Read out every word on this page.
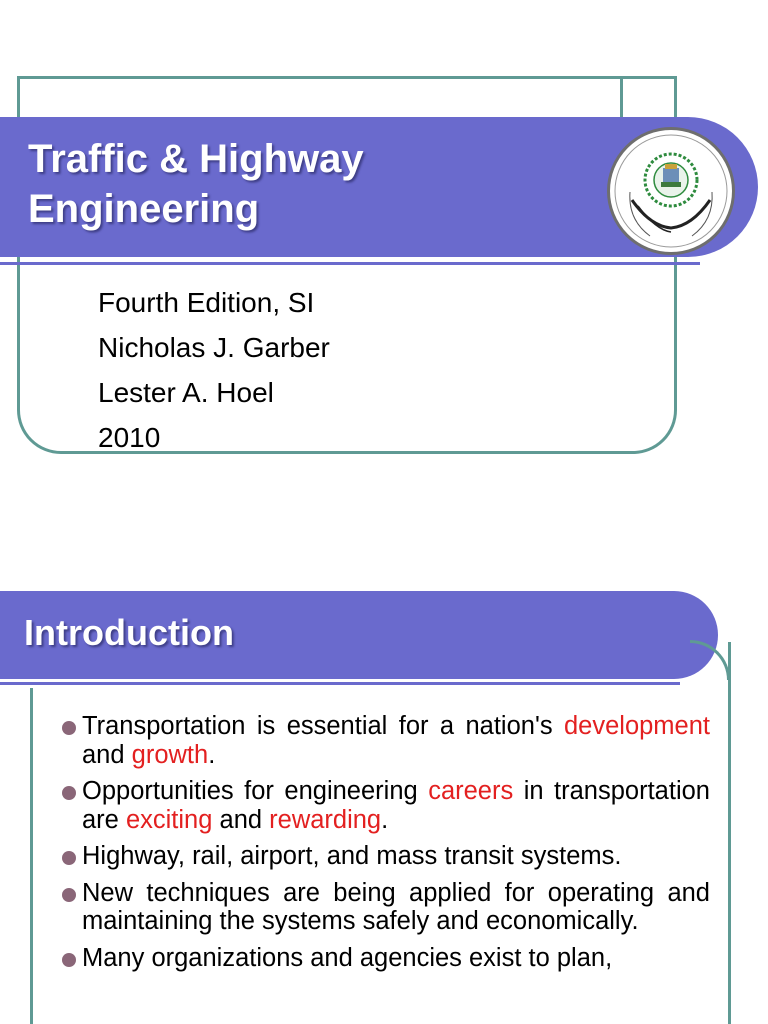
Traffic & Highway
Engineering
Fourth Edition, SI
Nicholas J. Garber
Lester A. Hoel
2010
Introduction
Transportation is essential for a nation's development and growth.
Opportunities for engineering careers in transportation are exciting and rewarding.
Highway, rail, airport, and mass transit systems.
New techniques are being applied for operating and maintaining the systems safely and economically.
Many organizations and agencies exist to plan,
